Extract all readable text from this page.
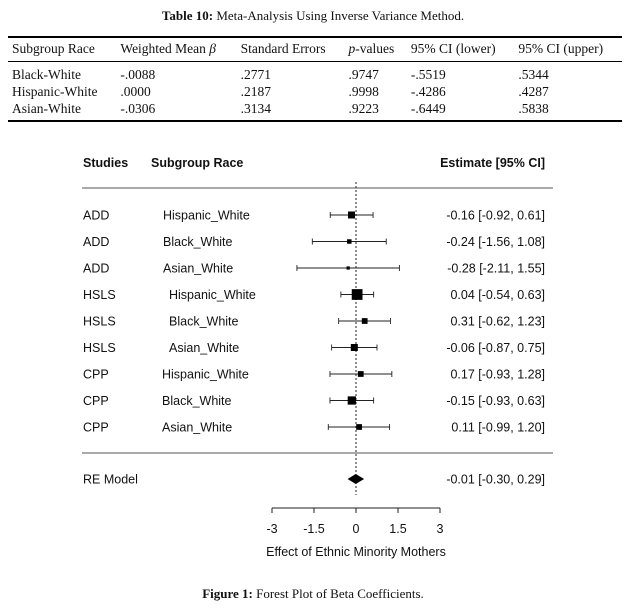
Table 10: Meta-Analysis Using Inverse Variance Method.
Subgroup Race	Weighted Mean β	Standard Errors	p-values	95% CI (lower)	95% CI (upper)
Black-White	-.0088	.2771	.9747	-.5519	.5344
Hispanic-White	.0000	.2187	.9998	-.4286	.4287
Asian-White	-.0306	.3134	.9223	-.6449	.5838
Studies Subgroup Race	Estimate [95% CI]
ADD	Hispanic_White	-0.16 [-0.92, 0.61]
ADD	Black_White	-0.24 [-1.56, 1.08]
ADD	Asian_White	-0.28 [-2.11, 1.55]
HSLS	Hispanic_White	0.04 [-0.54, 0.63]
HSLS	Black_White	0.31 [-0.62, 1.23]
HSLS	Asian_White	-0.06 [-0.87, 0.75]
CPP	Hispanic_White	0.17 [-0.93, 1.28]
CPP	Black_White	-0.15 [-0.93, 0.63]
CPP	Asian_White	0.11 [-0.99, 1.20]
RE Model	-0.01 [-0.30, 0.29]
-3 -1.5 0 1.5 3
Effect of Ethnic Minority Mothers
Figure 1: Forest Plot of Beta Coefficients.
